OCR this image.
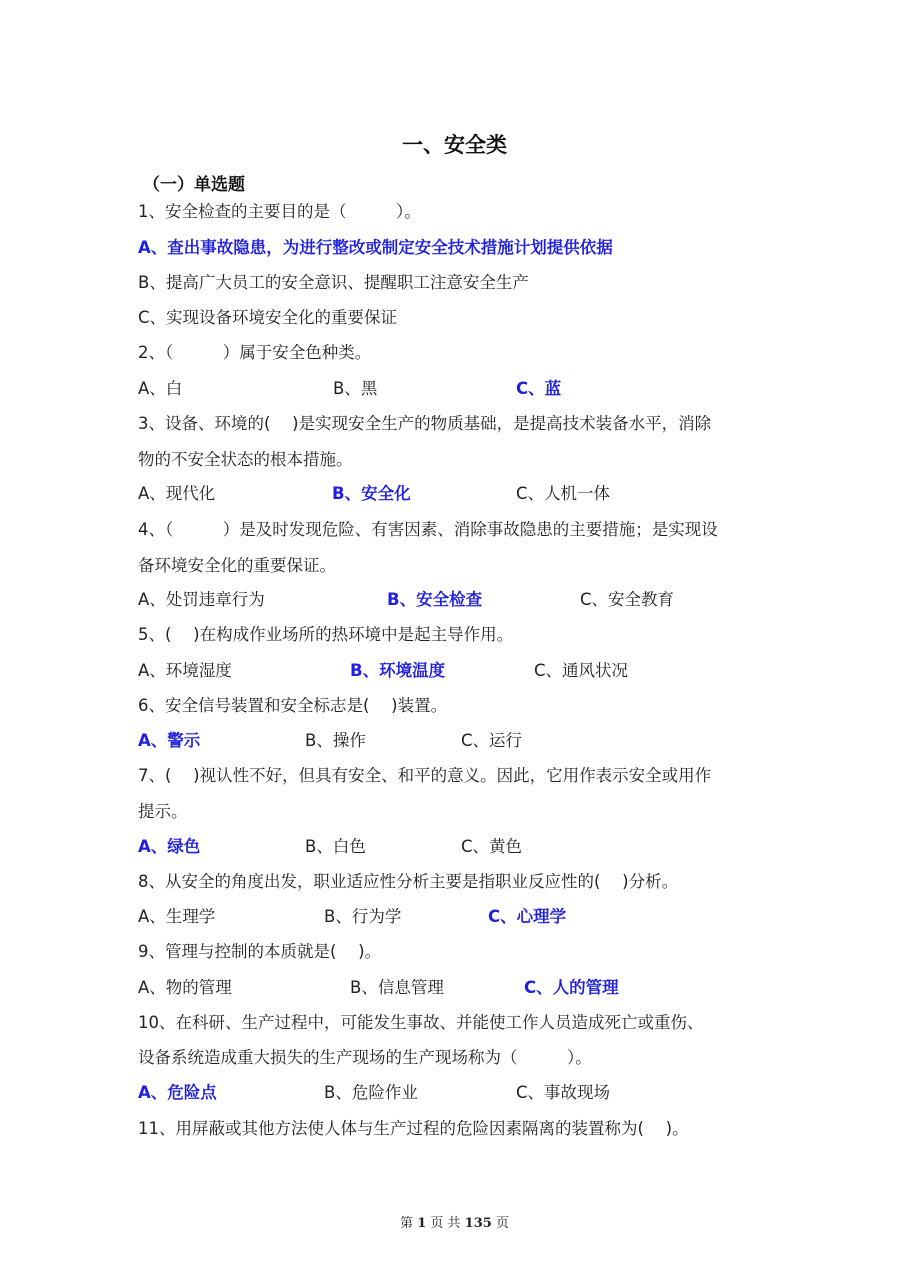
一、安全类
（一）单选题
1、安全检查的主要目的是（　　　）。
A、查出事故隐患，为进行整改或制定安全技术措施计划提供依据
B、提高广大员工的安全意识、提醒职工注意安全生产
C、实现设备环境安全化的重要保证
2、（　　　）属于安全色种类。
A、白	B、黑	C、蓝
3、设备、环境的(　 )是实现安全生产的物质基础，是提高技术装备水平，消除
物的不安全状态的根本措施。
A、现代化	B、安全化	C、人机一体
4、（　　　）是及时发现危险、有害因素、消除事故隐患的主要措施；是实现设
备环境安全化的重要保证。
A、处罚违章行为	B、安全检查	C、安全教育
5、(　 )在构成作业场所的热环境中是起主导作用。
A、环境湿度	B、环境温度	C、通风状况
6、安全信号装置和安全标志是(　 )装置。
A、警示	B、操作	C、运行
7、(　 )视认性不好，但具有安全、和平的意义。因此，它用作表示安全或用作
提示。
A、绿色	B、白色	C、黄色
8、从安全的角度出发，职业适应性分析主要是指职业反应性的(　 )分析。
A、生理学	B、行为学	C、心理学
9、管理与控制的本质就是(　 )。
A、物的管理	B、信息管理	C、人的管理
10、在科研、生产过程中，可能发生事故、并能使工作人员造成死亡或重伤、
设备系统造成重大损失的生产现场的生产现场称为（　　　）。
A、危险点	B、危险作业	C、事故现场
11、用屏蔽或其他方法使人体与生产过程的危险因素隔离的装置称为(　 )。
第 1 页 共 135 页
